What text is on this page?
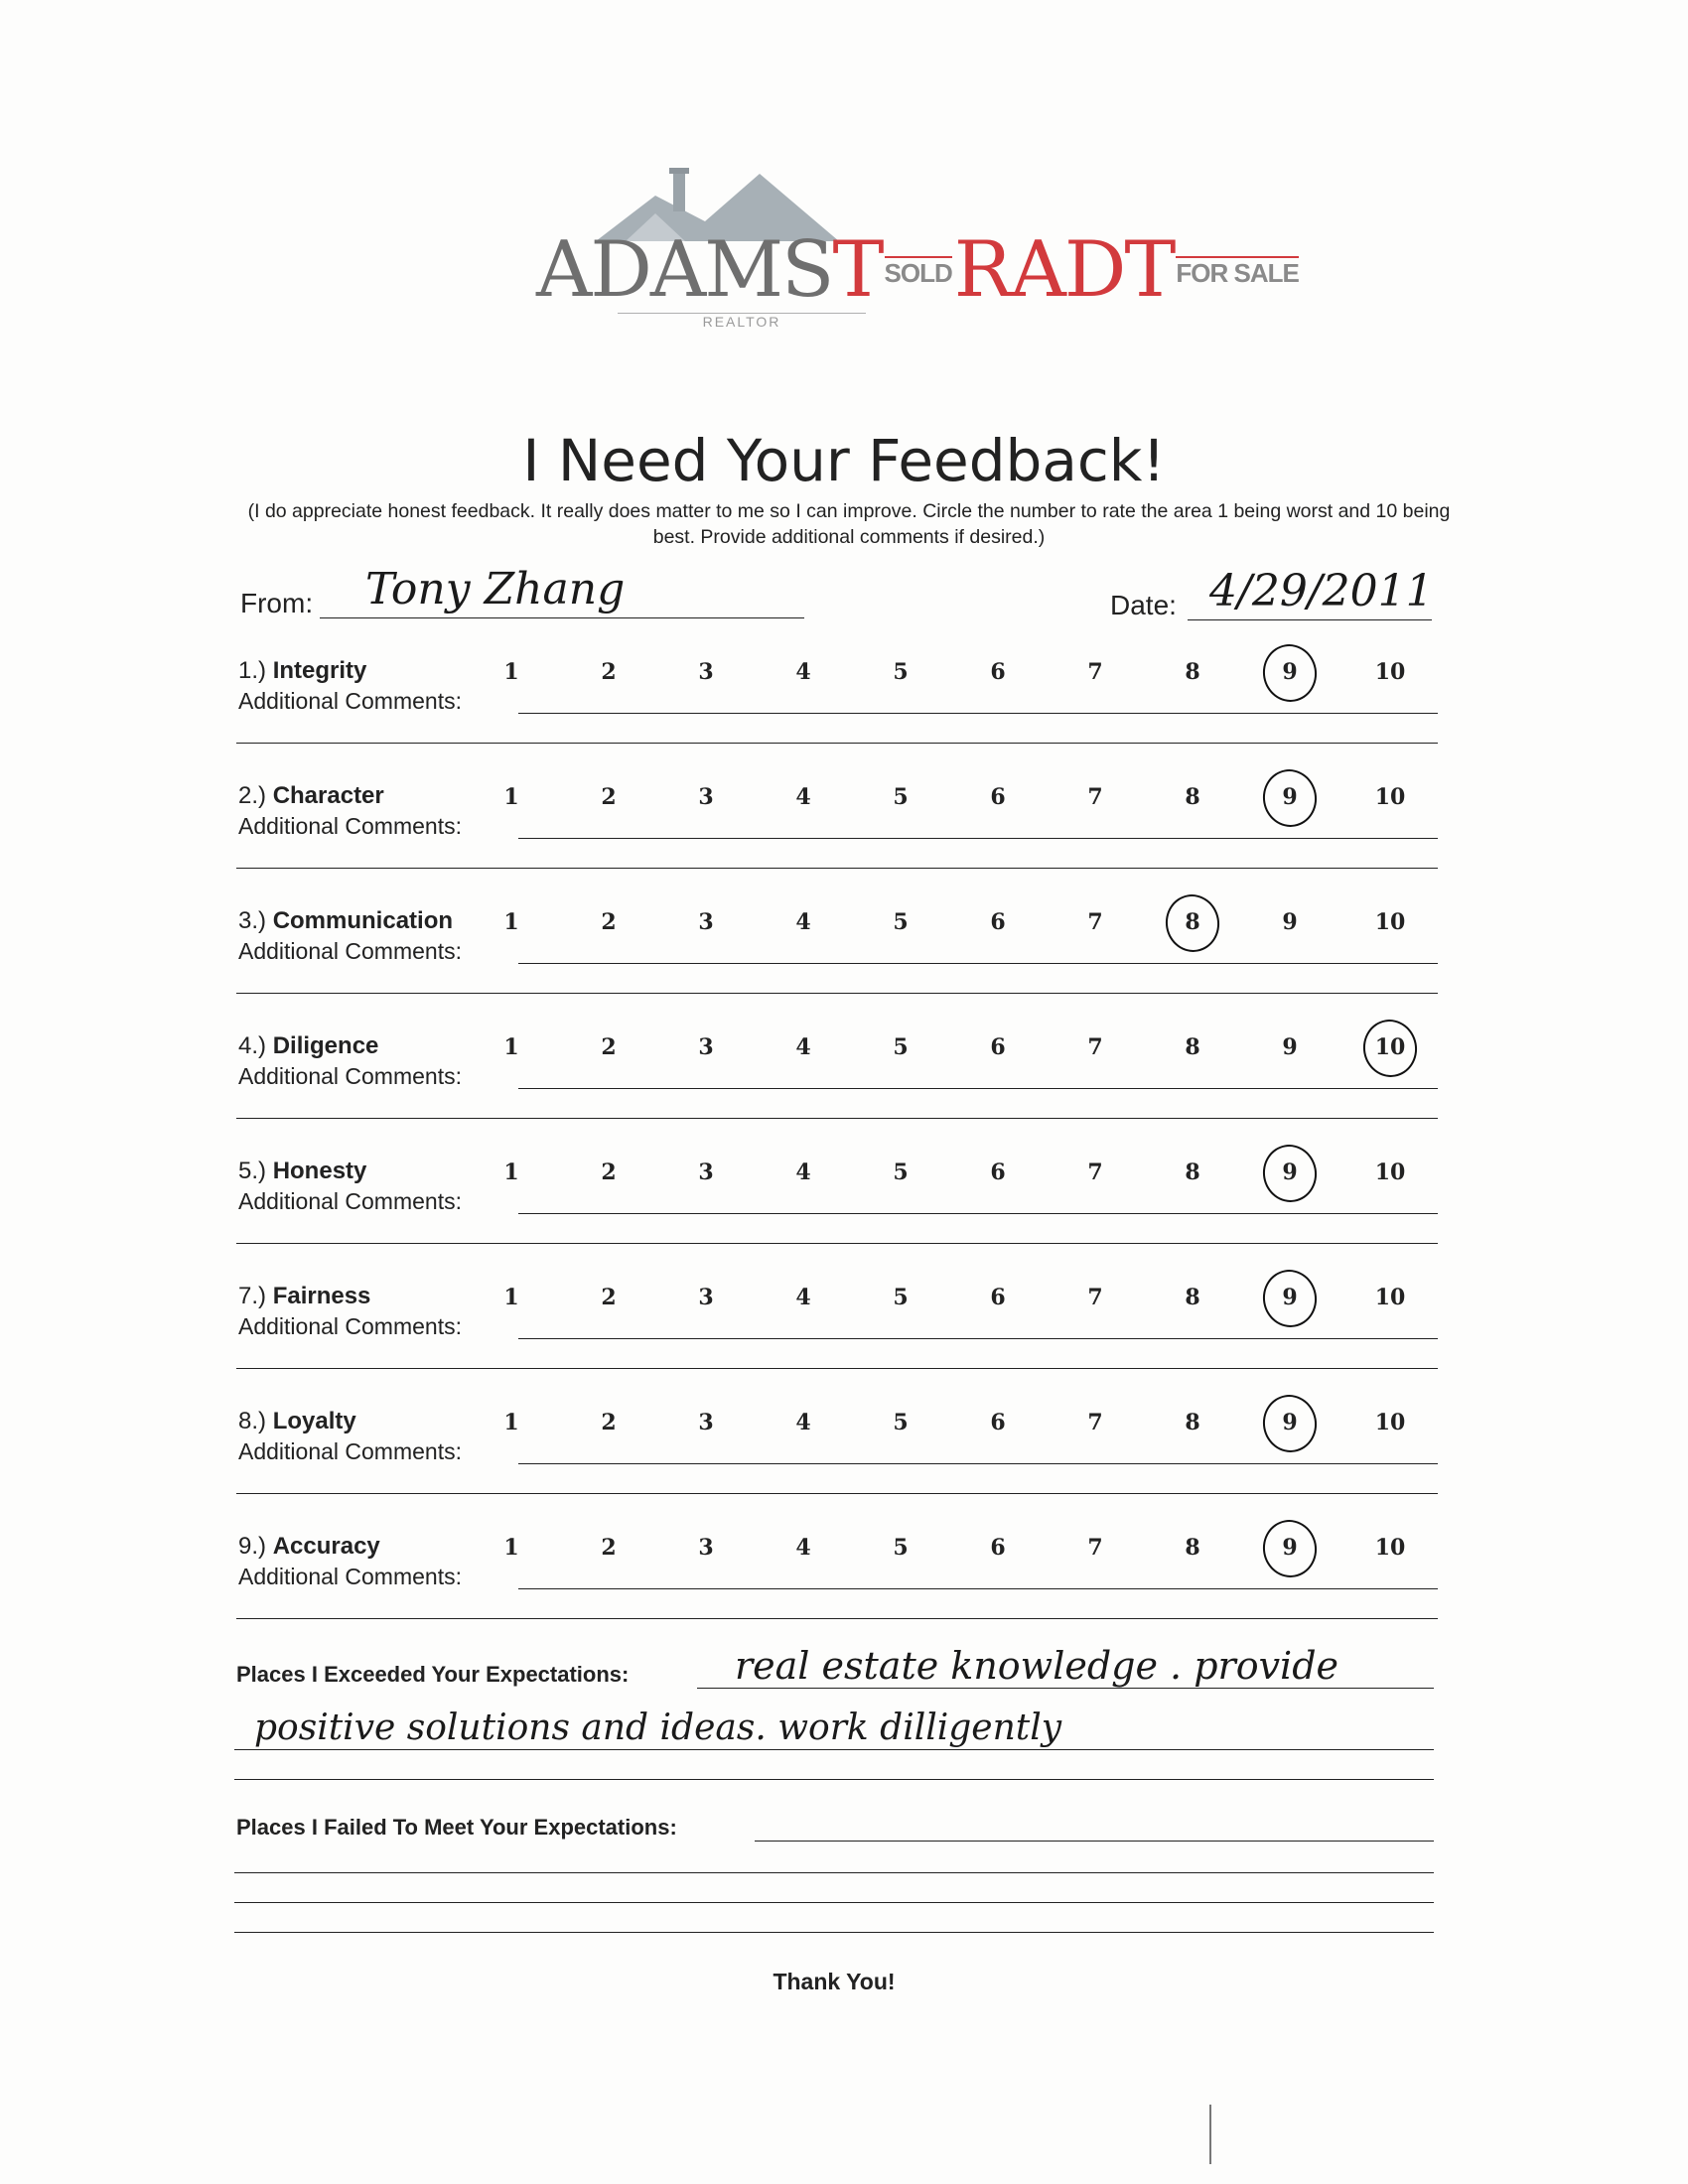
ADAMSTSOLDRADTFOR SALE
REALTOR
I Need Your Feedback!
(I do appreciate honest feedback. It really does matter to me so I can improve. Circle the number to rate the area 1 being worst and 10 being best. Provide additional comments if desired.)
From: Tony Zhang	Date: 4/29/2011
1.) Integrity
Additional Comments:
1	2	3	4	5	6	7	8	9	10
2.) Character
Additional Comments:
1	2	3	4	5	6	7	8	9	10
3.) Communication
Additional Comments:
1	2	3	4	5	6	7	8	9	10
4.) Diligence
Additional Comments:
1	2	3	4	5	6	7	8	9	10
5.) Honesty
Additional Comments:
1	2	3	4	5	6	7	8	9	10
7.) Fairness
Additional Comments:
1	2	3	4	5	6	7	8	9	10
8.) Loyalty
Additional Comments:
1	2	3	4	5	6	7	8	9	10
9.) Accuracy
Additional Comments:
1	2	3	4	5	6	7	8	9	10
Places I Exceeded Your Expectations:	real estate knowledge . provide
positive solutions and ideas. work dilligently
Places I Failed To Meet Your Expectations:
Thank You!
